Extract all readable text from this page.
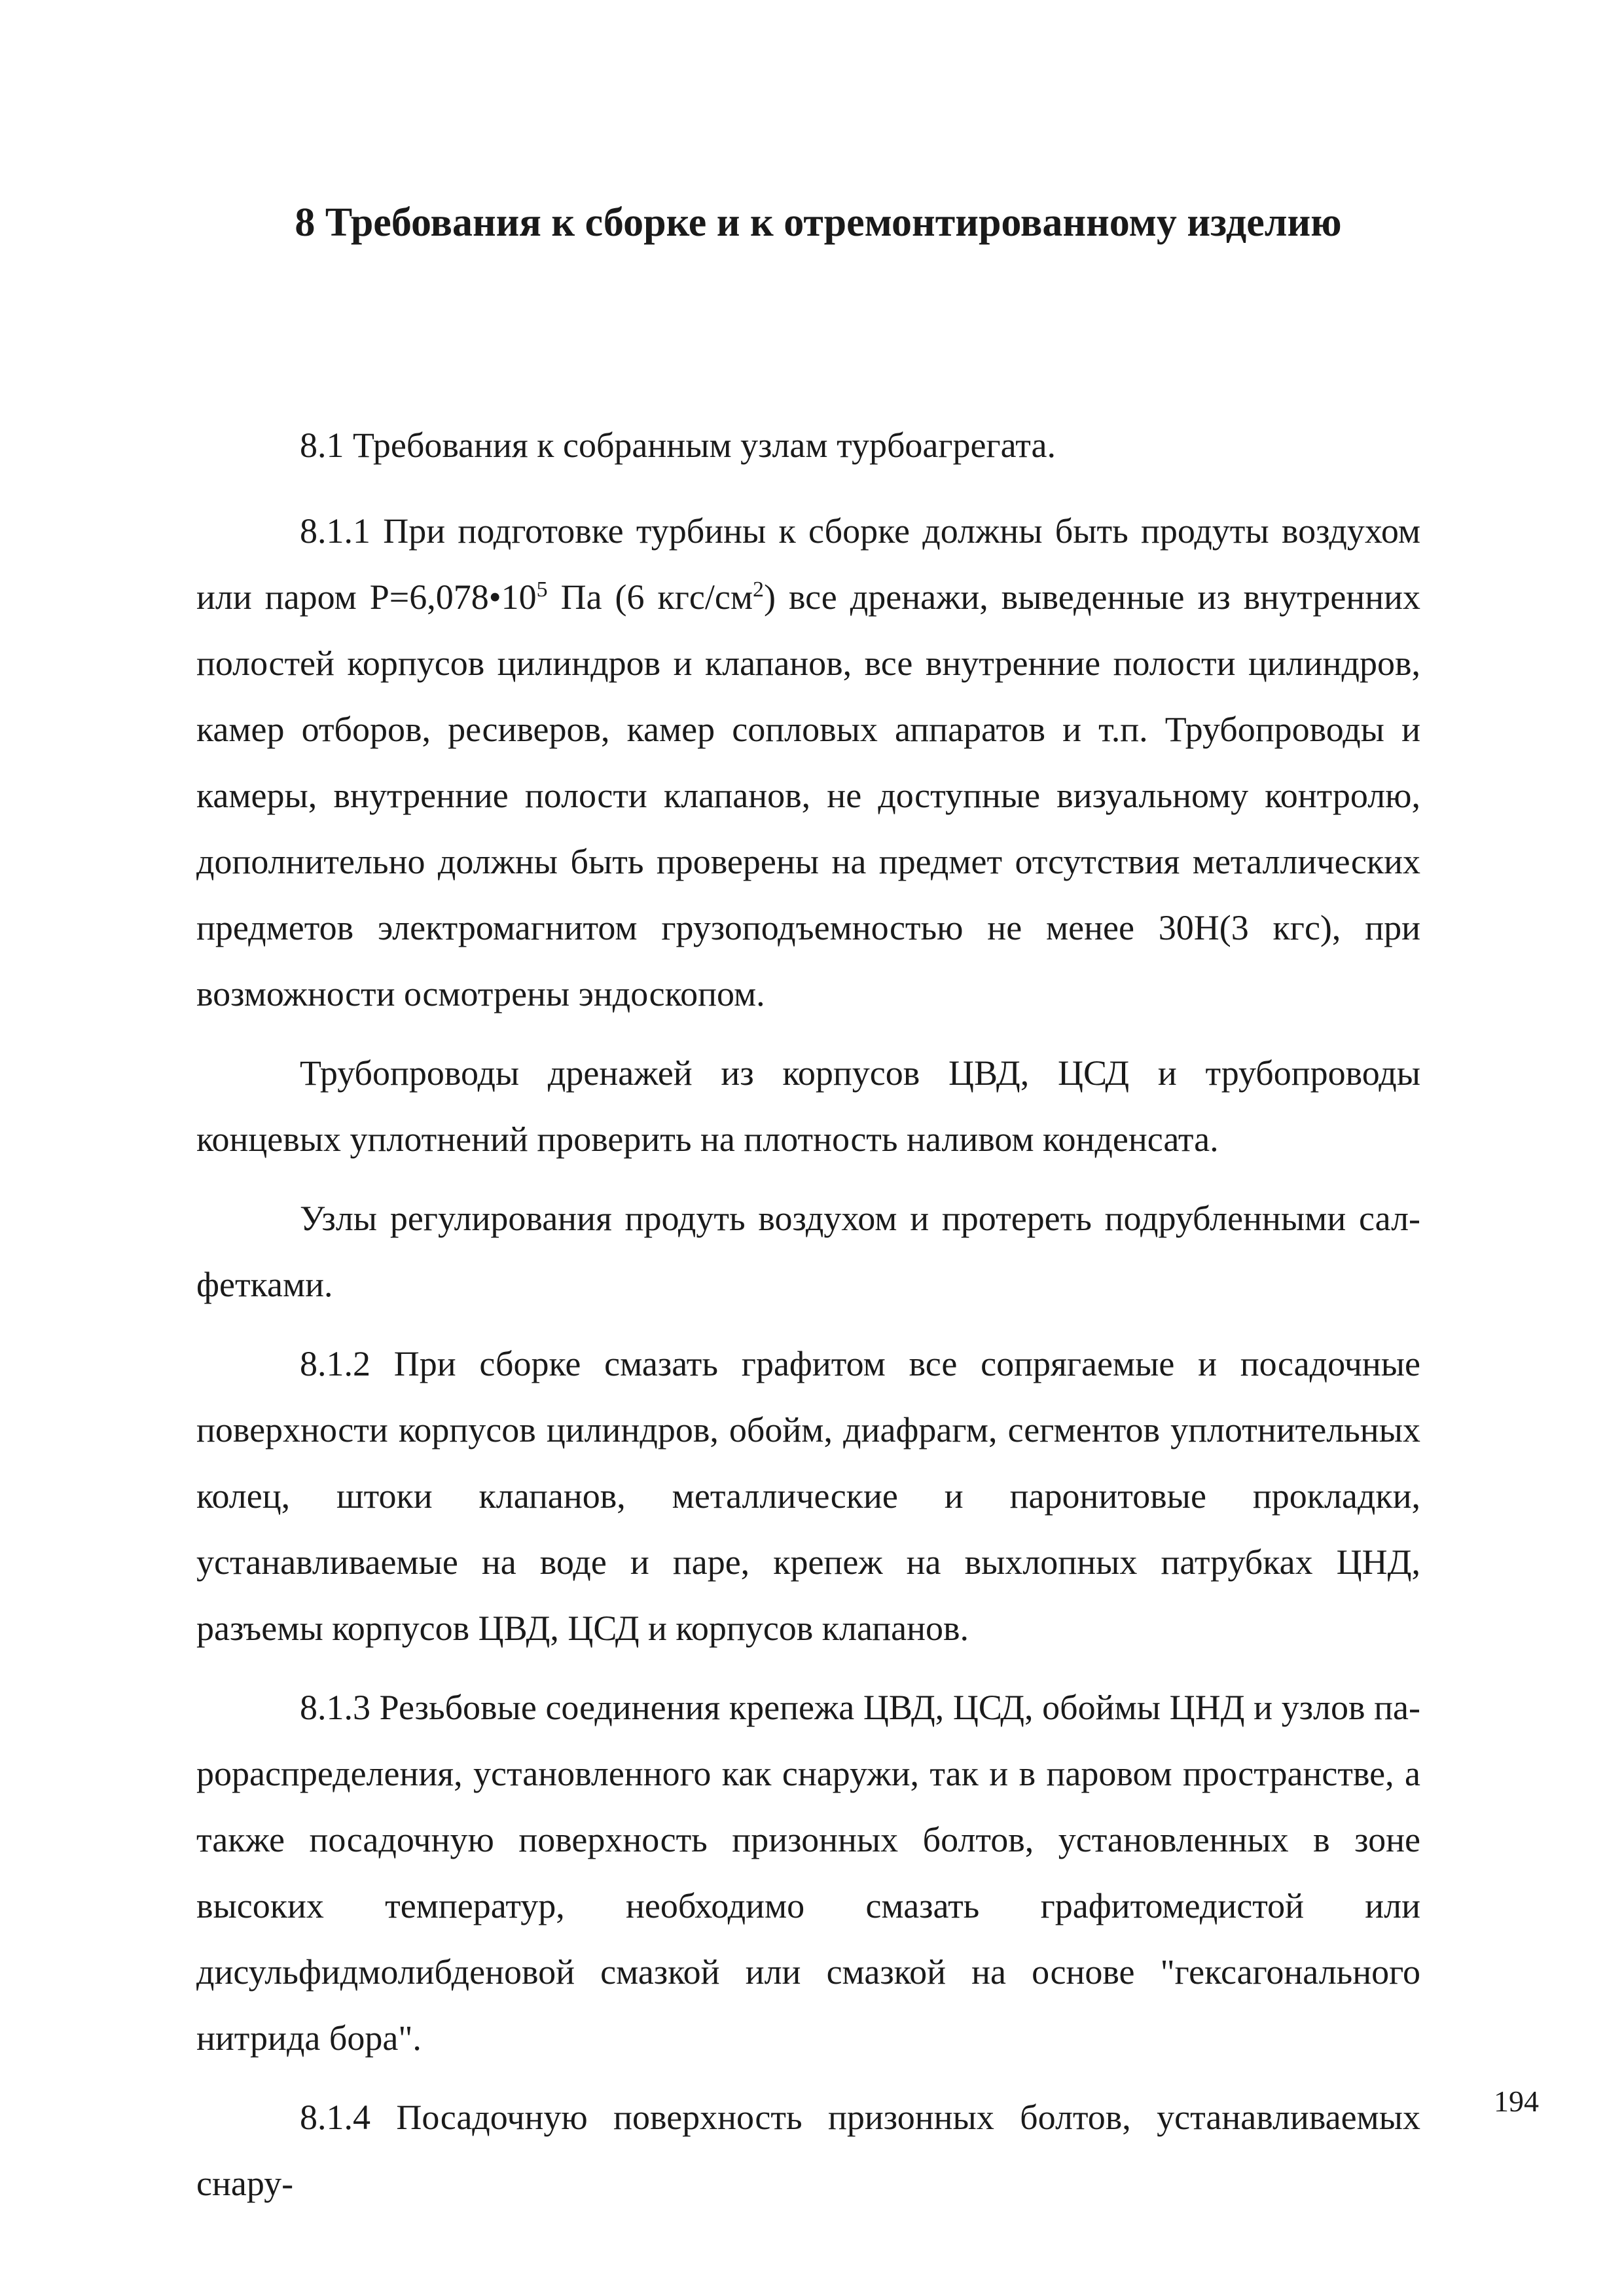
8 Требования к сборке и к отремонтированному изделию

8.1 Требования к собранным узлам турбоагрегата.

8.1.1 При подготовке турбины к сборке должны быть продуты воздухом или паром $Р=6,078•10^5$ Па (6 кгс/$см^2$) все дренажи, выведенные из внутренних полостей корпусов цилиндров и клапанов, все внутренние полости цилиндров, камер отборов, ресиверов, камер сопловых аппаратов и т.п. Трубопроводы и камеры, внутренние полости клапанов, не доступные визуальному контролю, дополнительно должны быть проверены на предмет отсутствия металлических предметов электромагнитом грузоподъемностью не менее 30Н(3 кгс), при возможности осмотрены эндоскопом.

Трубопроводы дренажей из корпусов ЦВД, ЦСД и трубопроводы концевых уплотнений проверить на плотность наливом конденсата.

Узлы регулирования продуть воздухом и протереть подрубленными салфетками.

8.1.2 При сборке смазать графитом все сопрягаемые и посадочные поверхности корпусов цилиндров, обойм, диафрагм, сегментов уплотнительных колец, штоки клапанов, металлические и паронитовые прокладки, устанавливаемые на воде и паре, крепеж на выхлопных патрубках ЦНД, разъемы корпусов ЦВД, ЦСД и корпусов клапанов.

8.1.3 Резьбовые соединения крепежа ЦВД, ЦСД, обоймы ЦНД и узлов парораспределения, установленного как снаружи, так и в паровом пространстве, а также посадочную поверхность призонных болтов, установленных в зоне высоких температур, необходимо смазать графитомедистой или дисульфидмолибденовой смазкой или смазкой на основе "гексагонального нитрида бора".

8.1.4 Посадочную поверхность призонных болтов, устанавливаемых снару-

194
